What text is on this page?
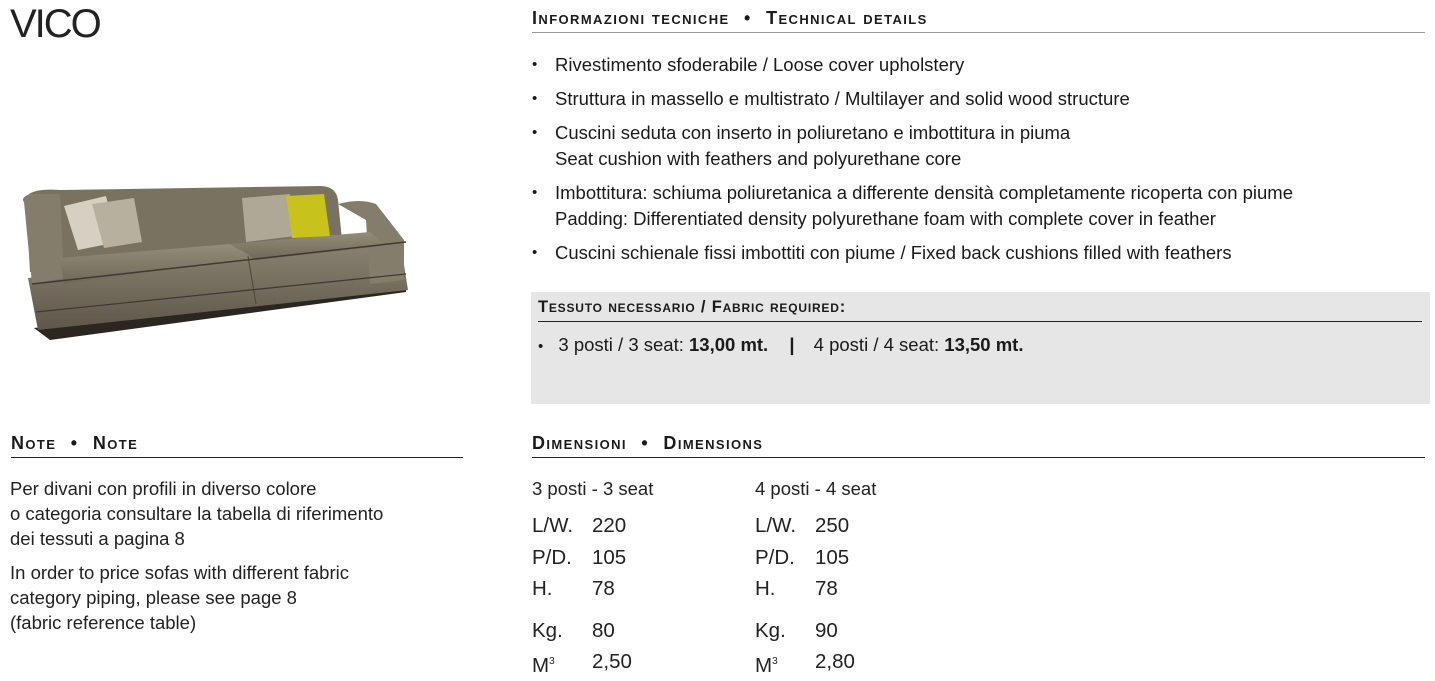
VICO	Informazioni tecniche • Technical details
• Rivestimento sfoderabile / Loose cover upholstery
• Struttura in massello e multistrato / Multilayer and solid wood structure
• Cuscini seduta con inserto in poliuretano e imbottitura in piuma
Seat cushion with feathers and polyurethane core
• Imbottitura: schiuma poliuretanica a differente densità completamente ricoperta con piume
Padding: Differentiated density polyurethane foam with complete cover in feather
• Cuscini schienale fissi imbottiti con piume / Fixed back cushions filled with feathers
Tessuto necessario / Fabric required:
• 3 posti / 3 seat: 13,00 mt. | 4 posti / 4 seat: 13,50 mt.
Note • Note

Per divani con profili in diverso colore
o categoria consultare la tabella di riferimento
dei tessuti a pagina 8

In order to price sofas with different fabric
category piping, please see page 8
(fabric reference table)

Dimensioni • Dimensions
3 posti - 3 seat
L/W. 220
P/D. 105
H.	78
Kg.	80
$M^3$	2,50
4 posti - 4 seat
L/W. 250
P/D. 105
H.	78
Kg.	90
$M^3$	2,80
